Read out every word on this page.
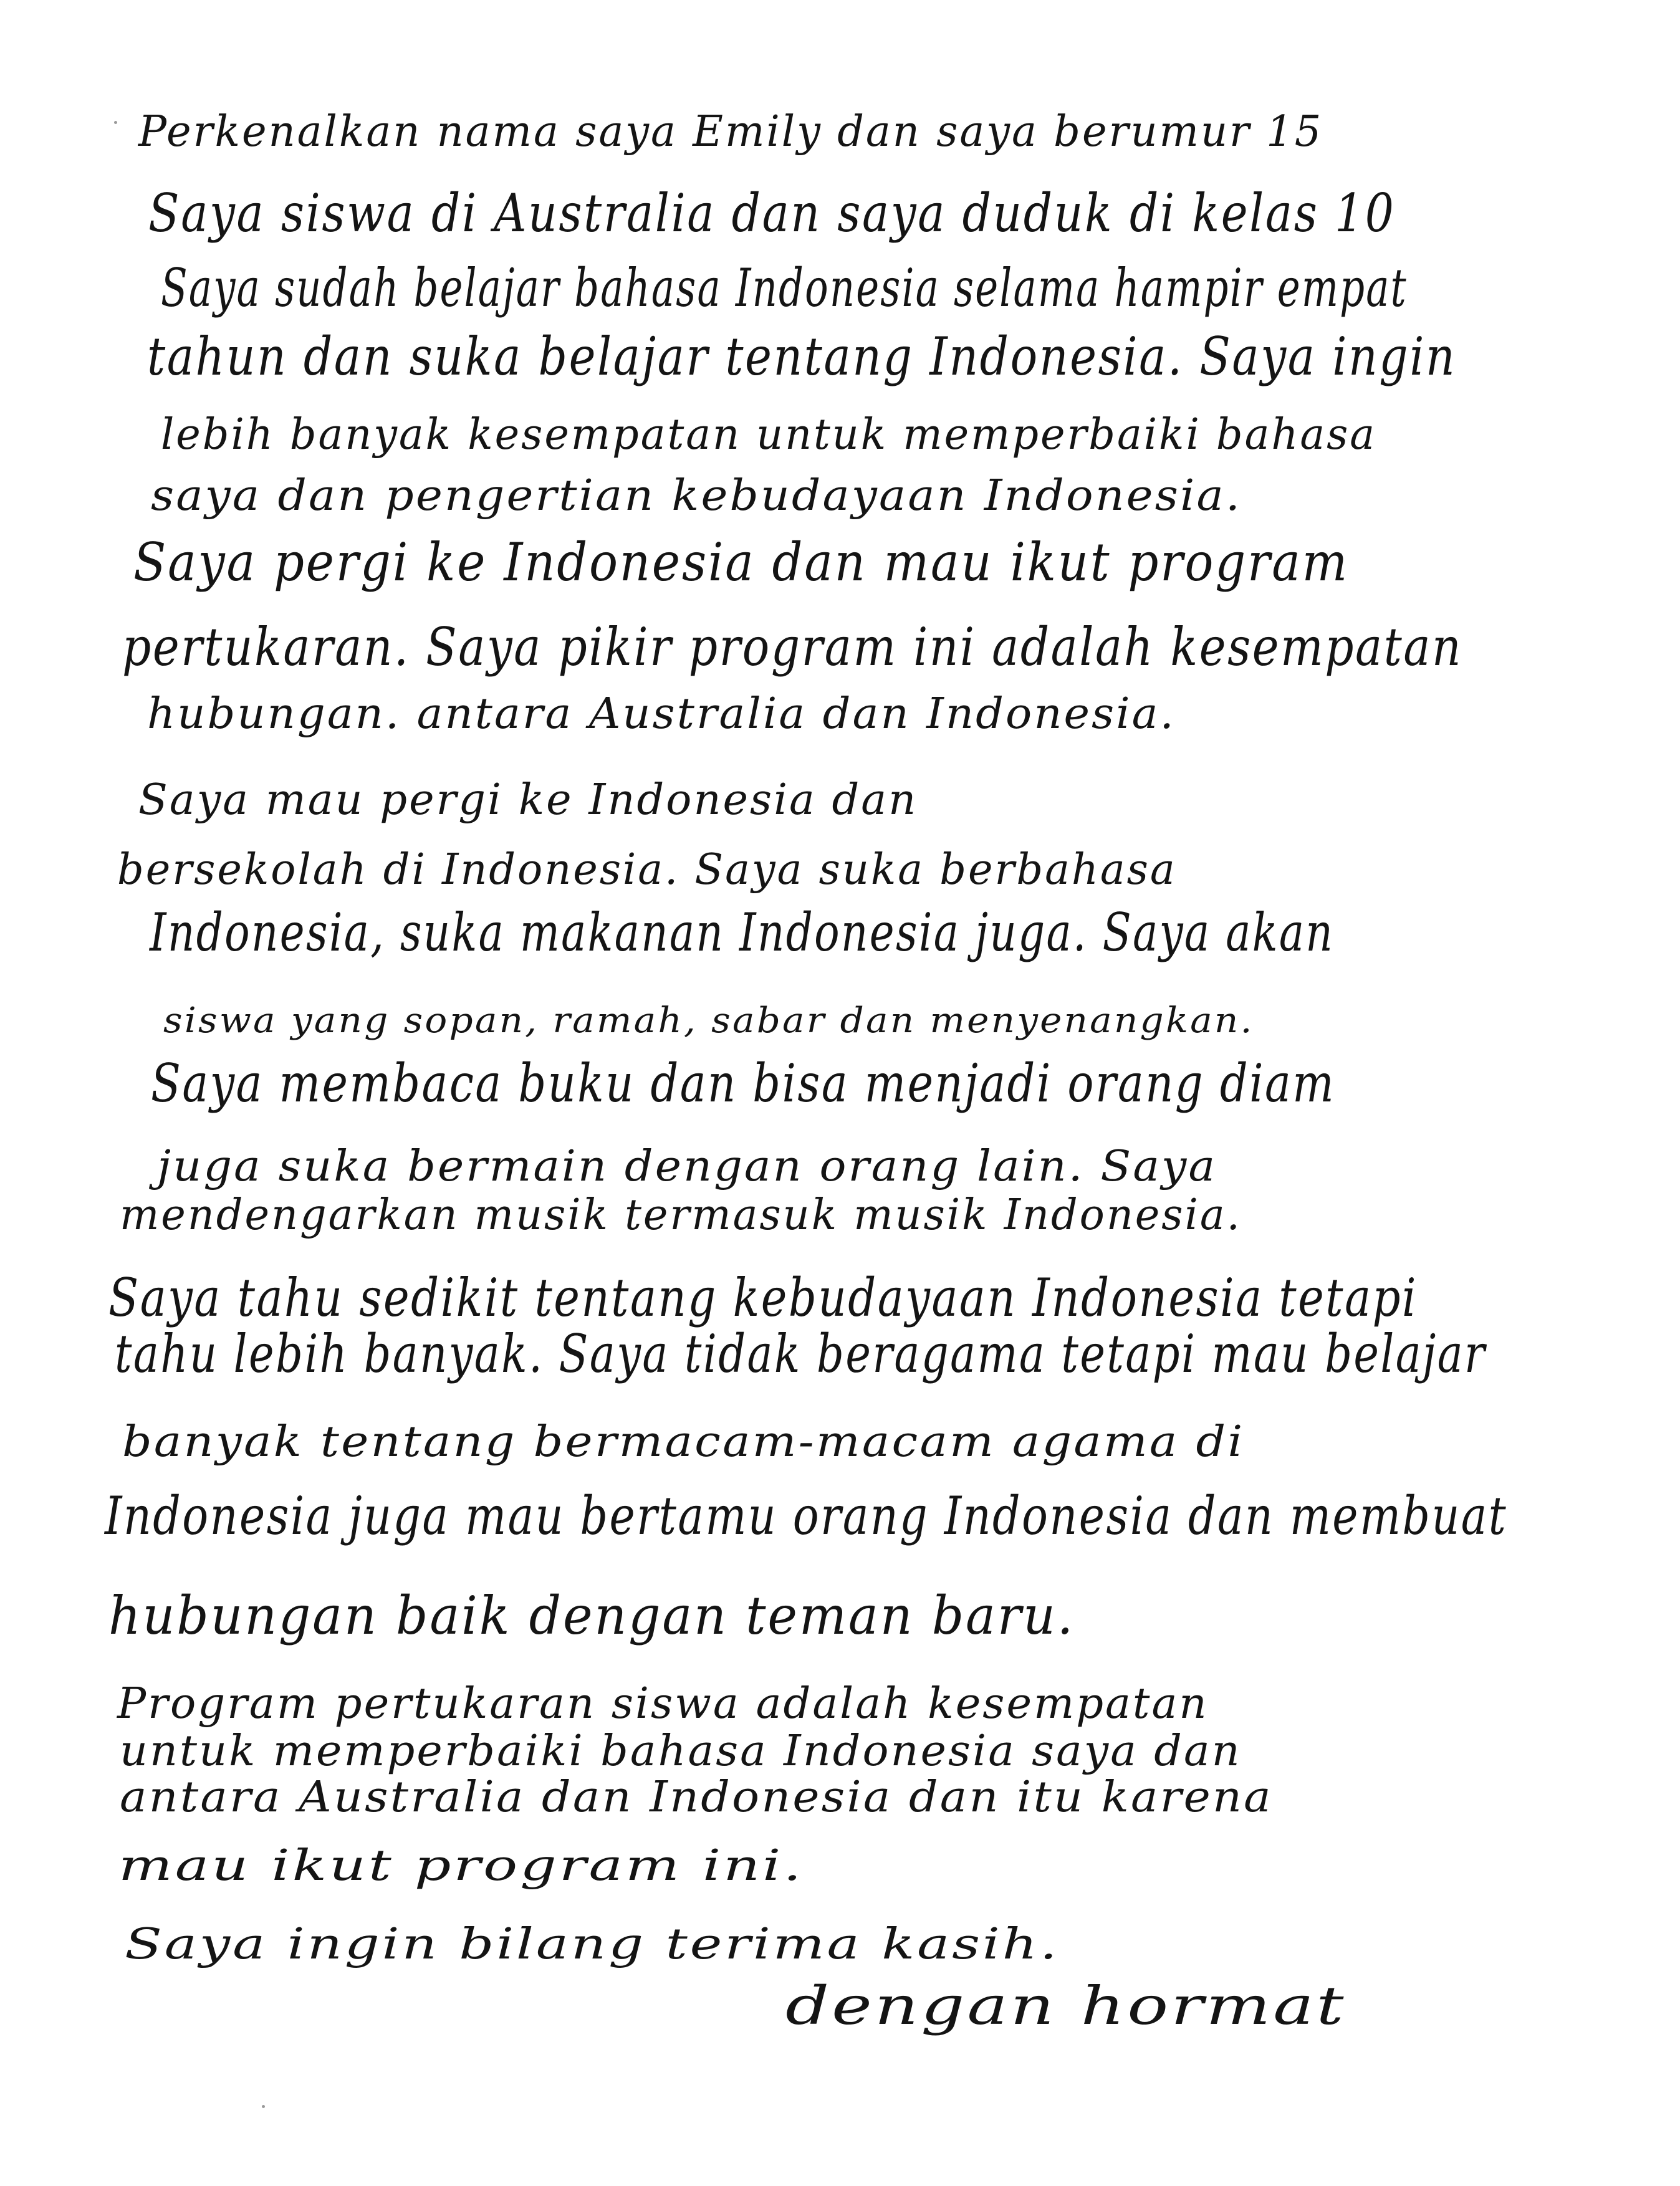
Perkenalkan nama saya Emily dan saya berumur 15

Saya siswa di Australia dan saya duduk di kelas 10

Saya sudah belajar bahasa Indonesia selama hampir empat

tahun dan suka belajar tentang Indonesia. Saya ingin

lebih banyak kesempatan untuk memperbaiki bahasa

saya dan pengertian kebudayaan Indonesia.

Saya pergi ke Indonesia dan mau ikut program

pertukaran. Saya pikir program ini adalah kesempatan

hubungan. antara Australia dan Indonesia.

Saya mau pergi ke Indonesia dan

bersekolah di Indonesia. Saya suka berbahasa

Indonesia, suka makanan Indonesia juga. Saya akan

siswa yang sopan, ramah, sabar dan menyenangkan.

Saya membaca buku dan bisa menjadi orang diam

juga suka bermain dengan orang lain. Saya

mendengarkan musik termasuk musik Indonesia.

Saya tahu sedikit tentang kebudayaan Indonesia tetapi

tahu lebih banyak. Saya tidak beragama tetapi mau belajar

banyak tentang bermacam-macam agama di

Indonesia juga mau bertamu orang Indonesia dan membuat

hubungan baik dengan teman baru.

Program pertukaran siswa adalah kesempatan

untuk memperbaiki bahasa Indonesia saya dan

antara Australia dan Indonesia dan itu karena

mau ikut program ini.

Saya ingin bilang terima kasih.

dengan hormat
